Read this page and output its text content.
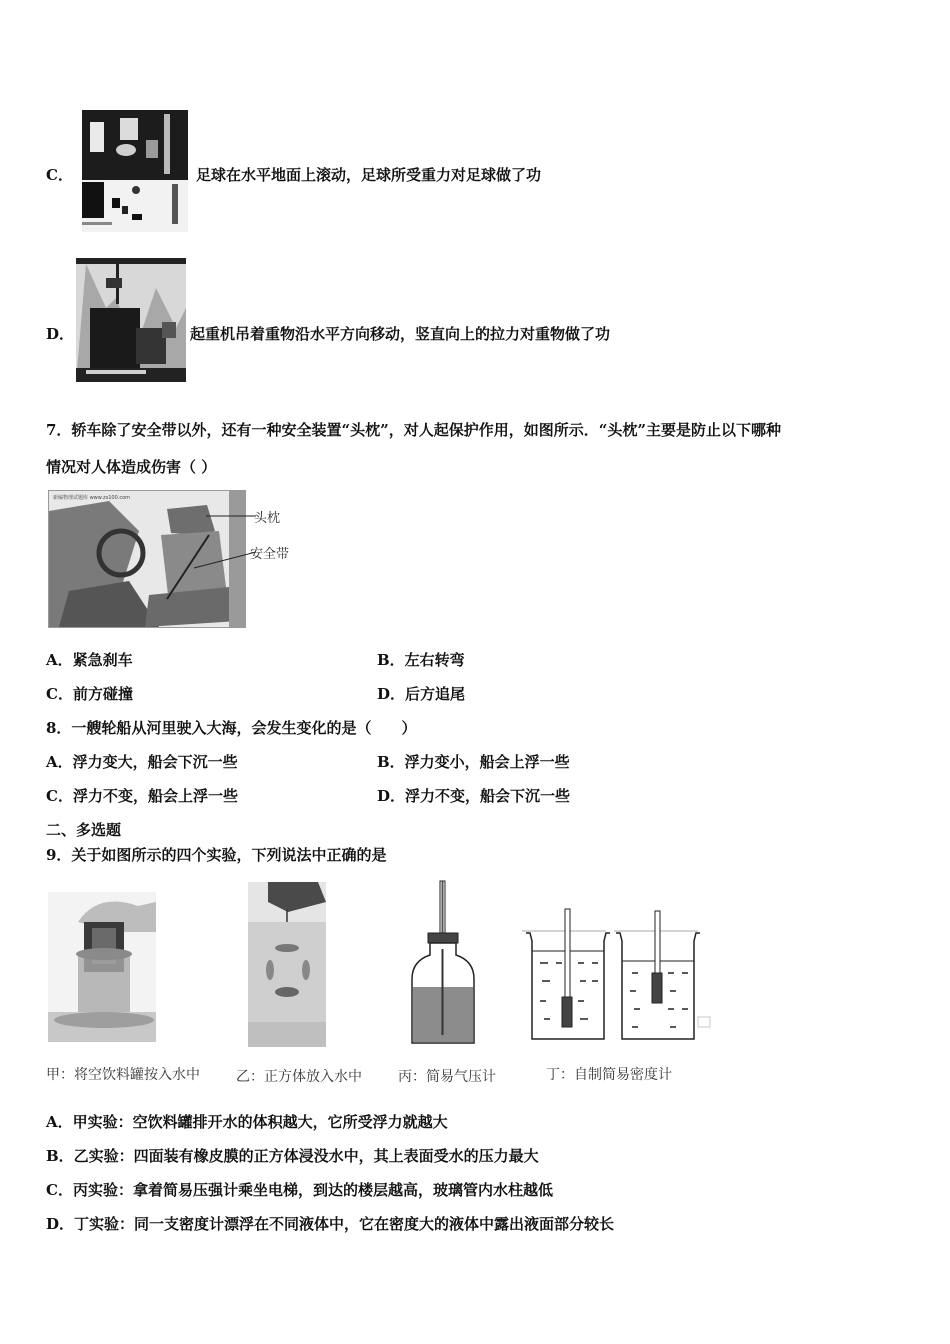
C．	足球在水平地面上滚动，足球所受重力对足球做了功
D．	起重机吊着重物沿水平方向移动，竖直向上的拉力对重物做了功
7．轿车除了安全带以外，还有一种安全装置“头枕”，对人起保护作用，如图所示．“头枕”主要是防止以下哪种
情况对人体造成伤害（ ）
新编物理试题库 www.zs100.com
头枕
安全带
A．紧急刹车	B．左右转弯
C．前方碰撞	D．后方追尾
8．一艘轮船从河里驶入大海，会发生变化的是（　　）
A．浮力变大，船会下沉一些	B．浮力变小，船会上浮一些
C．浮力不变，船会上浮一些	D．浮力不变，船会下沉一些
二、多选题
9．关于如图所示的四个实验，下列说法中正确的是
甲：将空饮料罐按入水中	乙：正方体放入水中	丙：简易气压计	丁：自制简易密度计
A．甲实验：空饮料罐排开水的体积越大，它所受浮力就越大
B．乙实验：四面装有橡皮膜的正方体浸没水中，其上表面受水的压力最大
C．丙实验：拿着简易压强计乘坐电梯，到达的楼层越高，玻璃管内水柱越低
D．丁实验：同一支密度计漂浮在不同液体中，它在密度大的液体中露出液面部分较长
